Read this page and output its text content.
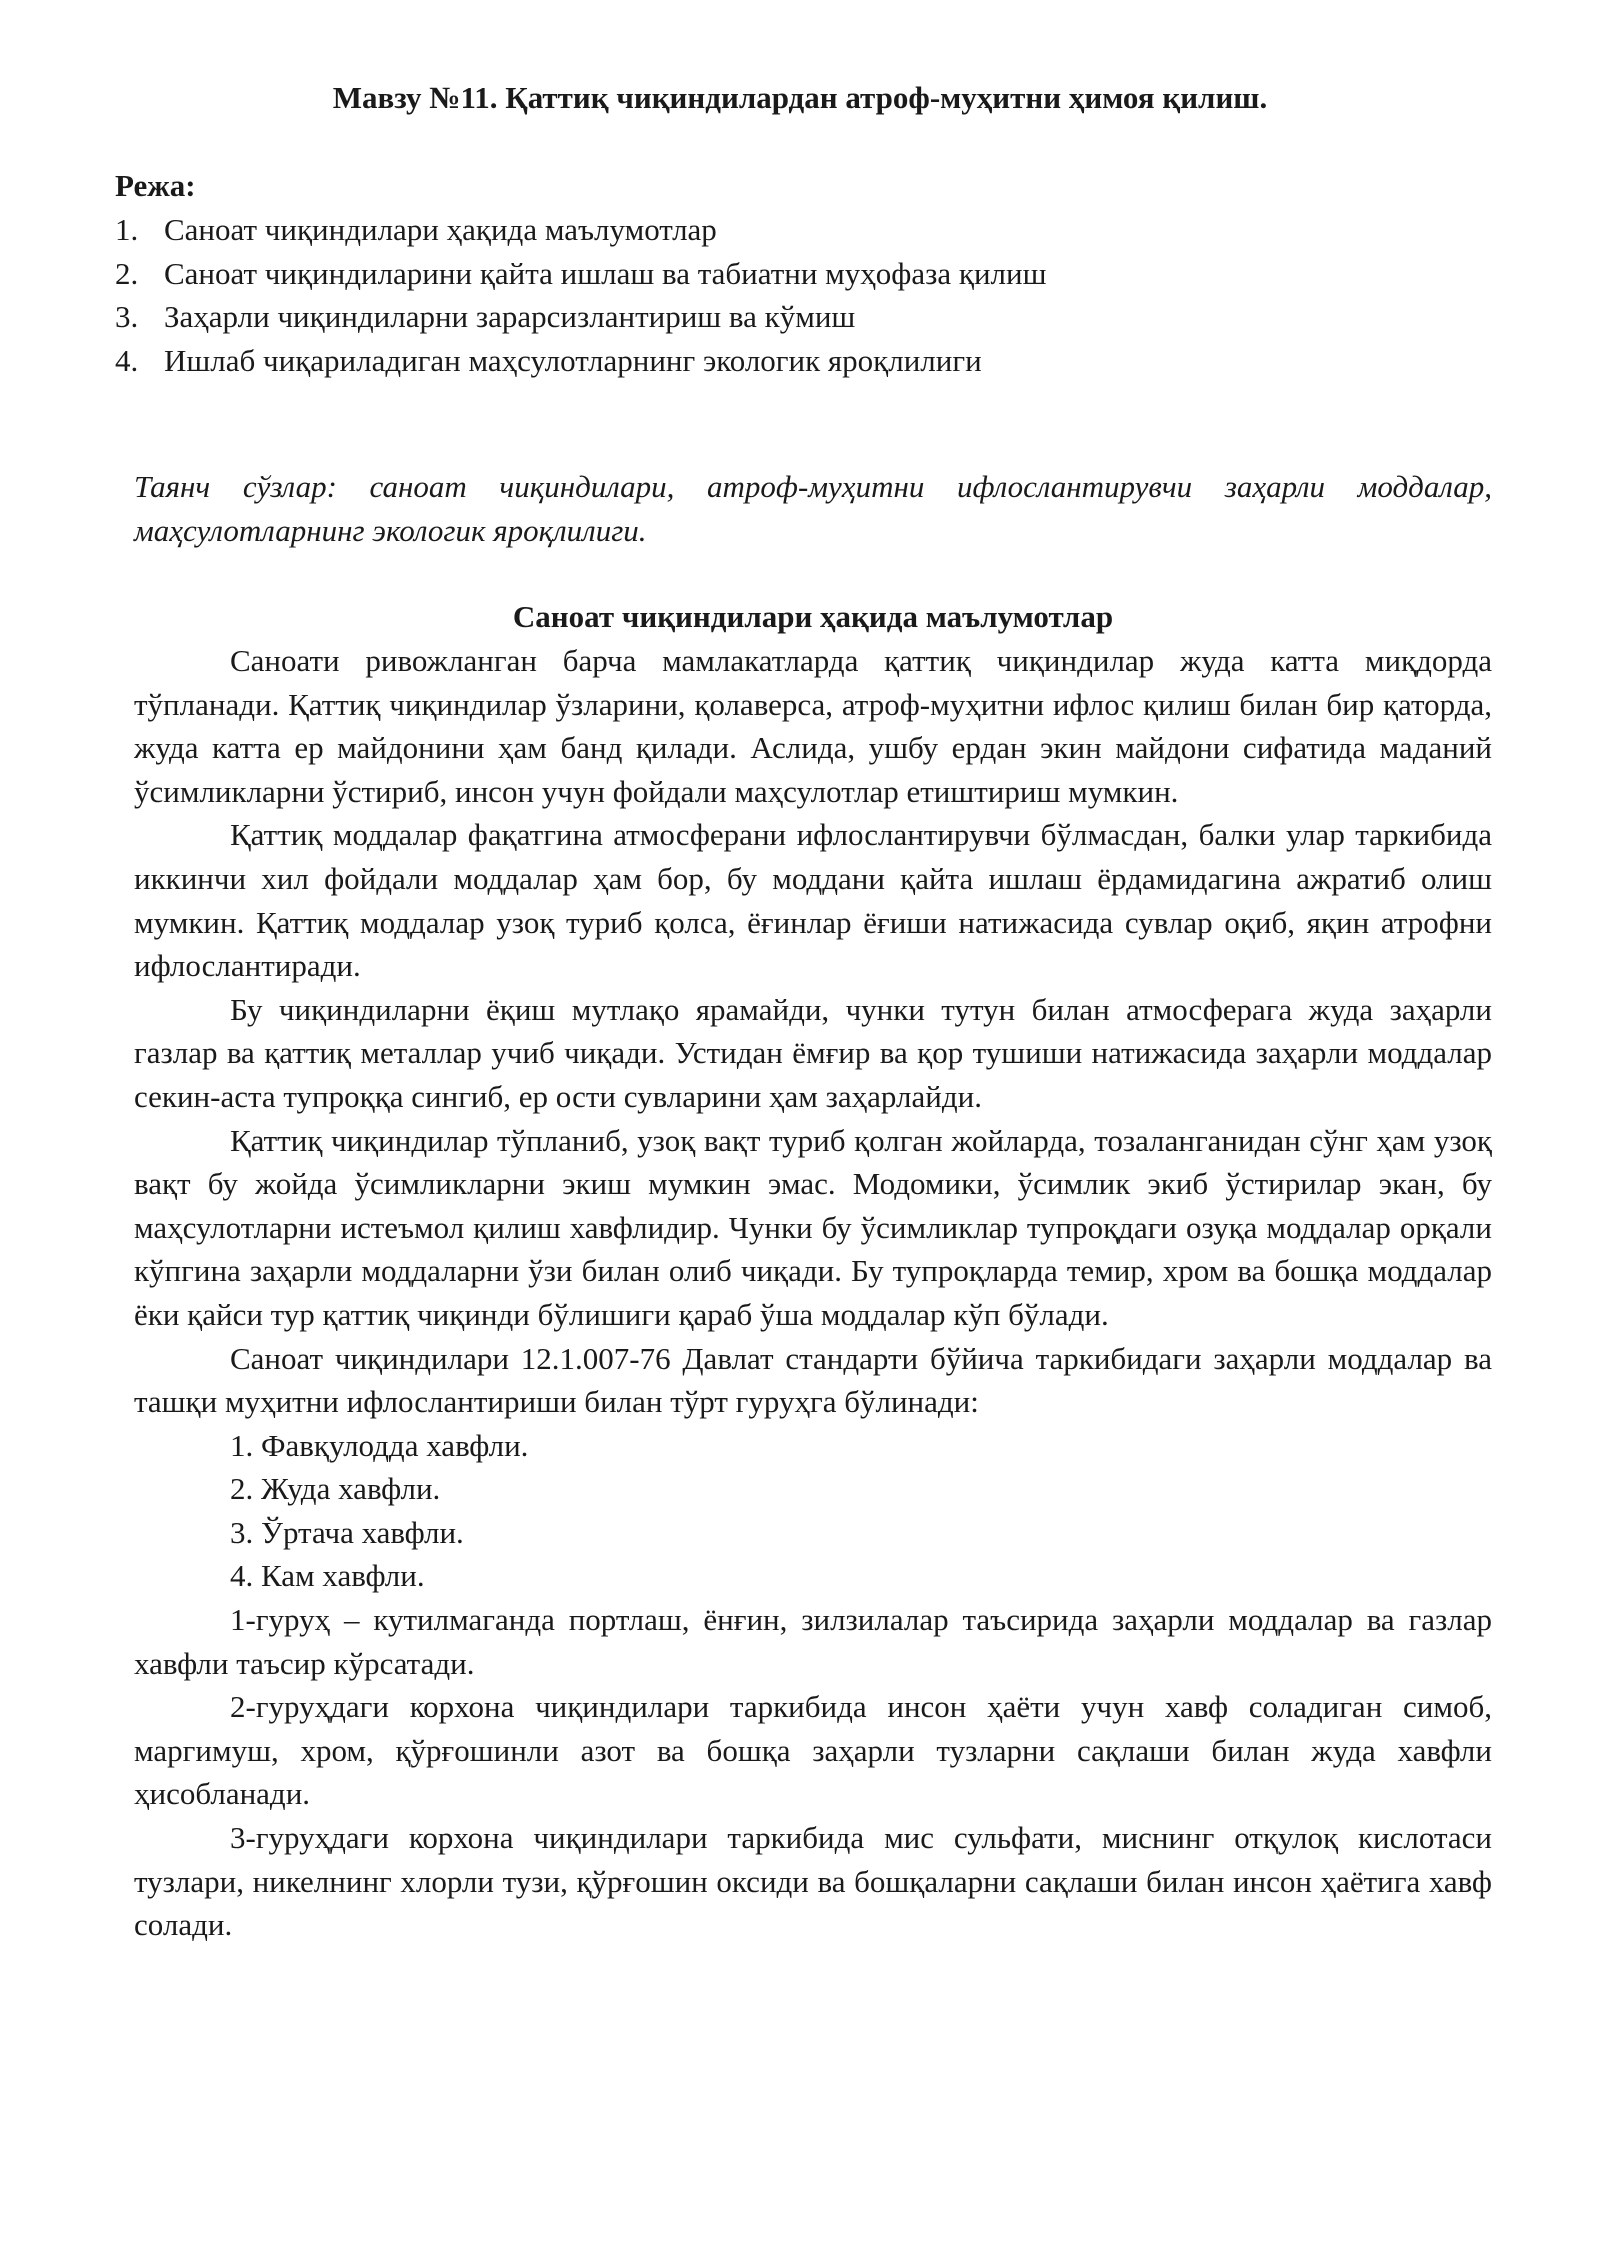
Мавзу №11. Қаттиқ чиқиндилардан атроф-муҳитни ҳимоя қилиш.
Режа:
1. Саноат чиқиндилари ҳақида маълумотлар
2. Саноат чиқиндиларини қайта ишлаш ва табиатни муҳофаза қилиш
3. Заҳарли чиқиндиларни зарарсизлантириш ва кўмиш
4. Ишлаб чиқариладиган маҳсулотларнинг экологик яроқлилиги

Таянч сўзлар: саноат чиқиндилари, атроф-муҳитни ифлослантирувчи заҳарли моддалар, маҳсулотларнинг экологик яроқлилиги.

Саноат чиқиндилари ҳақида маълумотлар

Саноати ривожланган барча мамлакатларда қаттиқ чиқиндилар жуда катта миқдорда тўпланади. Қаттиқ чиқиндилар ўзларини, қолаверса, атроф-муҳитни ифлос қилиш билан бир қаторда, жуда катта ер майдонини ҳам банд қилади. Аслида, ушбу ердан экин майдони сифатида маданий ўсимликларни ўстириб, инсон учун фойдали маҳсулотлар етиштириш мумкин.

Қаттиқ моддалар фақатгина атмосферани ифлослантирувчи бўлмасдан, балки улар таркибида иккинчи хил фойдали моддалар ҳам бор, бу моддани қайта ишлаш ёрдамидагина ажратиб олиш мумкин. Қаттиқ моддалар узоқ туриб қолса, ёғинлар ёғиши натижасида сувлар оқиб, яқин атрофни ифлослантиради.

Бу чиқиндиларни ёқиш мутлақо ярамайди, чунки тутун билан атмосферага жуда заҳарли газлар ва қаттиқ металлар учиб чиқади. Устидан ёмғир ва қор тушиши натижасида заҳарли моддалар секин-аста тупроққа сингиб, ер ости сувларини ҳам заҳарлайди.

Қаттиқ чиқиндилар тўпланиб, узоқ вақт туриб қолган жойларда, тозаланганидан сўнг ҳам узоқ вақт бу жойда ўсимликларни экиш мумкин эмас. Модомики, ўсимлик экиб ўстирилар экан, бу маҳсулотларни истеъмол қилиш хавфлидир. Чунки бу ўсимликлар тупроқдаги озуқа моддалар орқали кўпгина заҳарли моддаларни ўзи билан олиб чиқади. Бу тупроқларда темир, хром ва бошқа моддалар ёки қайси тур қаттиқ чиқинди бўлишиги қараб ўша моддалар кўп бўлади.

Саноат чиқиндилари 12.1.007-76 Давлат стандарти бўйича таркибидаги заҳарли моддалар ва ташқи муҳитни ифлослантириши билан тўрт гуруҳга бўлинади:

1. Фавқулодда хавфли.

2. Жуда хавфли.

3. Ўртача хавфли.

4. Кам хавфли.

1-гуруҳ – кутилмаганда портлаш, ёнғин, зилзилалар таъсирида заҳарли моддалар ва газлар хавфли таъсир кўрсатади.

2-гуруҳдаги корхона чиқиндилари таркибида инсон ҳаёти учун хавф соладиган симоб, маргимуш, хром, қўрғошинли азот ва бошқа заҳарли тузларни сақлаши билан жуда хавфли ҳисобланади.

3-гуруҳдаги корхона чиқиндилари таркибида мис сульфати, миснинг отқулоқ кислотаси тузлари, никелнинг хлорли тузи, қўрғошин оксиди ва бошқаларни сақлаши билан инсон ҳаётига хавф солади.
